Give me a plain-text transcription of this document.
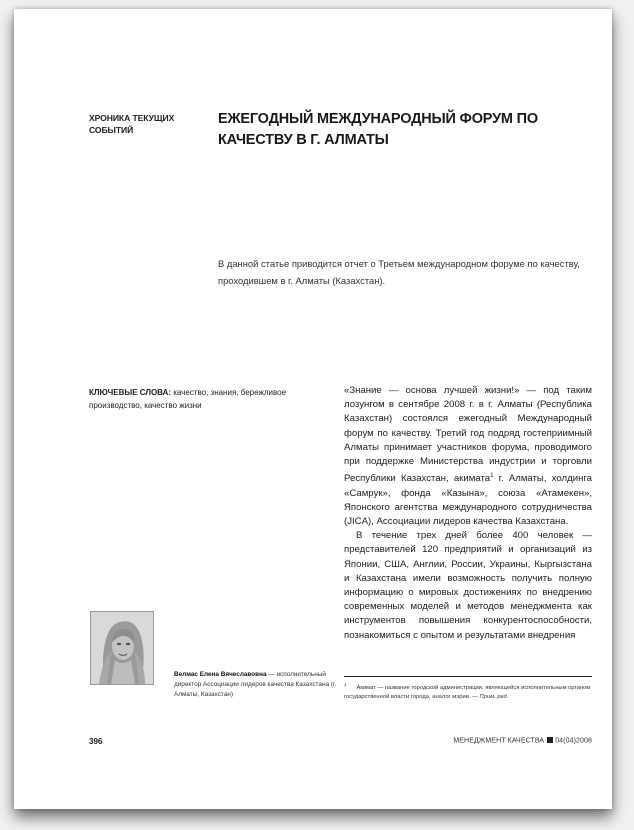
ХРОНИКА ТЕКУЩИХ СОБЫТИЙ
ЕЖЕГОДНЫЙ МЕЖДУНАРОДНЫЙ ФОРУМ ПО КАЧЕСТВУ В Г. АЛМАТЫ
В данной статье приводится отчет о Третьем международном форуме по качеству, проходившем в г. Алматы (Казахстан).
КЛЮЧЕВЫЕ СЛОВА: качество, знания, бережливое производство, качество жизни

«Знание — основа лучшей жизни!» — под таким лозунгом в сентябре 2008 г. в г. Алматы (Республика Казахстан) состоялся ежегодный Международный форум по качеству. Третий год подряд гостеприимный Алматы принимает участников форума, проводимого при поддержке Министерства индустрии и торговли Республики Казахстан, акимата$^1$ г. Алматы, холдинга «Самрук», фонда «Казына», союза «Атамекен», Японского агентства международного сотрудничества (JICA), Ассоциации лидеров качества Казахстана.

В течение трех дней более 400 человек — представителей 120 предприятий и организаций из Японии, США, Англии, России, Украины, Кыргызстана и Казахстана имели возможность получить полную информацию о мировых достижениях по внедрению современных моделей и методов менеджмента как инструментов повышения конкурентоспособности, познакомиться с опытом и результатами внедрения

Велмас Елена Вячеславовна — исполнительный директор Ассоциации лидеров качества Казахстана (г. Алматы, Казахстан)
$^1$Акимат — название городской администрации, являющейся исполнительным органом государственной власти города, аналог мэрии. — Прим. ред.
396	МЕНЕДЖМЕНТ КАЧЕСТВА 04(04)2008
